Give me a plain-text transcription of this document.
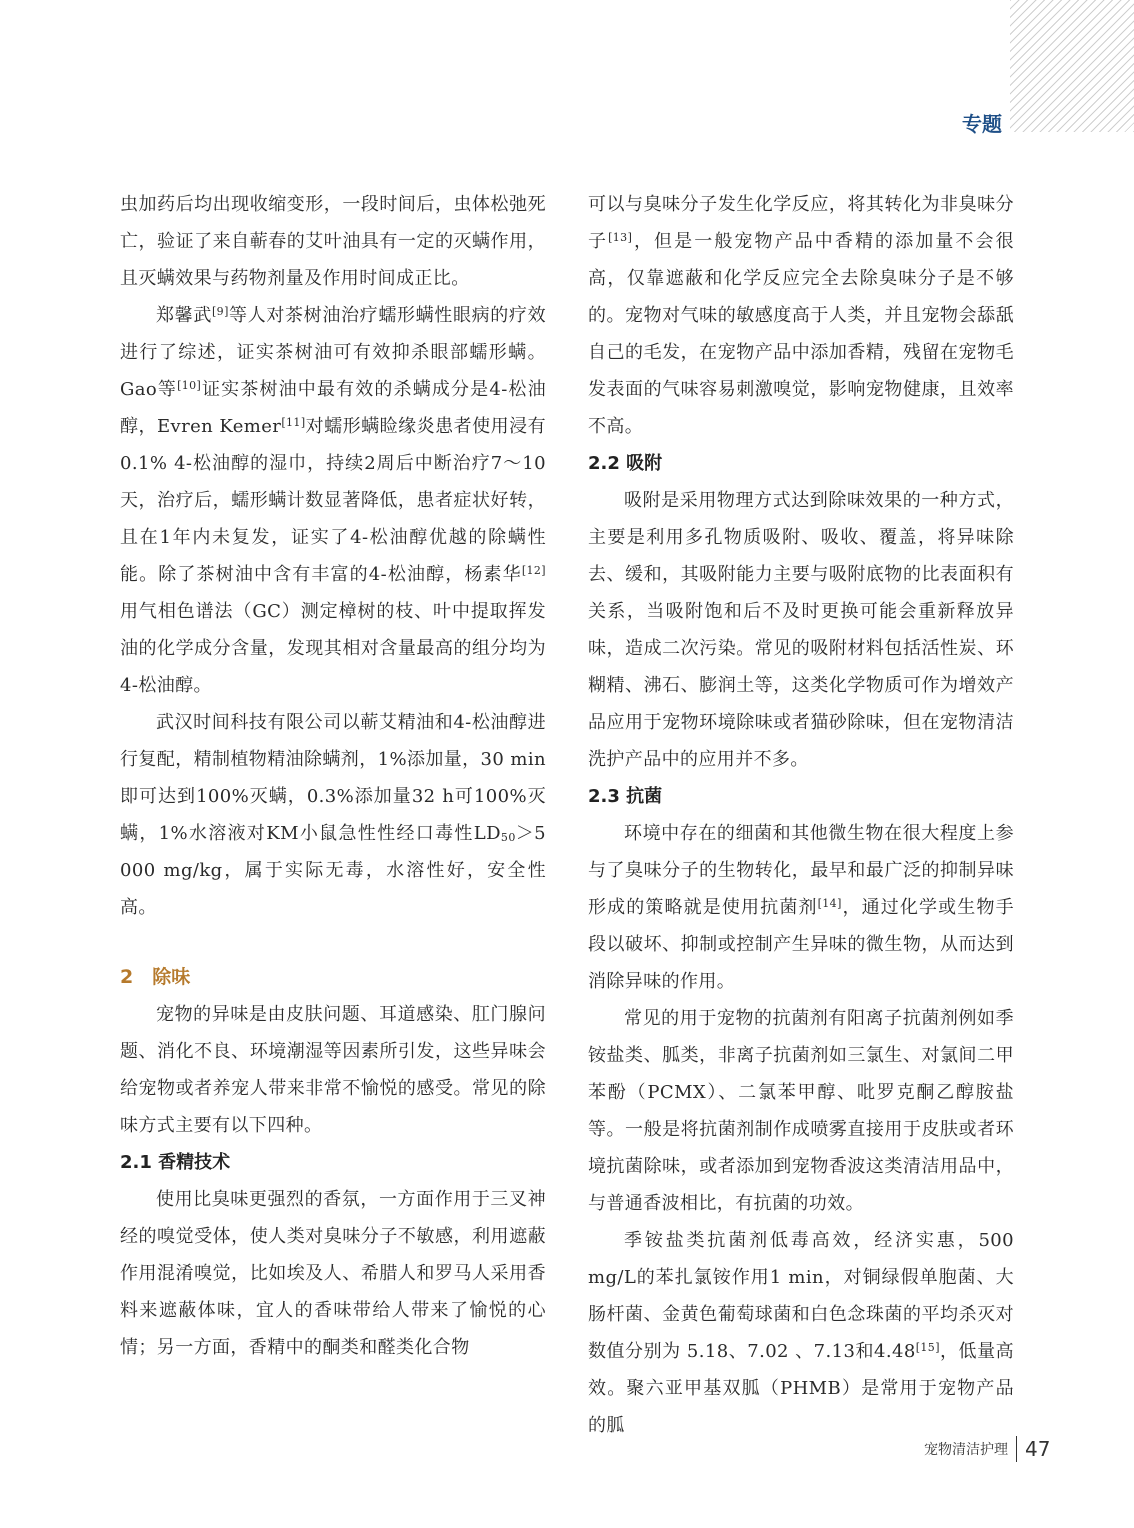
专题

虫加药后均出现收缩变形，一段时间后，虫体松弛死亡，验证了来自蕲春的艾叶油具有一定的灭螨作用，且灭螨效果与药物剂量及作用时间成正比。

郑馨武[9]等人对茶树油治疗蠕形螨性眼病的疗效进行了综述，证实茶树油可有效抑杀眼部蠕形螨。Gao等[10]证实茶树油中最有效的杀螨成分是4-松油醇，Evren Kemer[11]对蠕形螨睑缘炎患者使用浸有0.1% 4-松油醇的湿巾，持续2周后中断治疗7～10天，治疗后，蠕形螨计数显著降低，患者症状好转，且在1年内未复发，证实了4-松油醇优越的除螨性能。除了茶树油中含有丰富的4-松油醇，杨素华[12]用气相色谱法（GC）测定樟树的枝、叶中提取挥发油的化学成分含量，发现其相对含量最高的组分均为4-松油醇。

武汉时间科技有限公司以蕲艾精油和4-松油醇进行复配，精制植物精油除螨剂，1%添加量，30 min即可达到100%灭螨，0.3%添加量32 h可100%灭螨，1%水溶液对KM小鼠急性性经口毒性$LD_{50}>5$ 000 mg/kg，属于实际无毒，水溶性好，安全性高。

2　除味

宠物的异味是由皮肤问题、耳道感染、肛门腺问题、消化不良、环境潮湿等因素所引发，这些异味会给宠物或者养宠人带来非常不愉悦的感受。常见的除味方式主要有以下四种。

2.1 香精技术

使用比臭味更强烈的香氛，一方面作用于三叉神经的嗅觉受体，使人类对臭味分子不敏感，利用遮蔽作用混淆嗅觉，比如埃及人、希腊人和罗马人采用香料来遮蔽体味，宜人的香味带给人带来了愉悦的心情；另一方面，香精中的酮类和醛类化合物

可以与臭味分子发生化学反应，将其转化为非臭味分子[13]，但是一般宠物产品中香精的添加量不会很高，仅靠遮蔽和化学反应完全去除臭味分子是不够的。宠物对气味的敏感度高于人类，并且宠物会舔舐自己的毛发，在宠物产品中添加香精，残留在宠物毛发表面的气味容易刺激嗅觉，影响宠物健康，且效率不高。

2.2 吸附

吸附是采用物理方式达到除味效果的一种方式，主要是利用多孔物质吸附、吸收、覆盖，将异味除去、缓和，其吸附能力主要与吸附底物的比表面积有关系，当吸附饱和后不及时更换可能会重新释放异味，造成二次污染。常见的吸附材料包括活性炭、环糊精、沸石、膨润土等，这类化学物质可作为增效产品应用于宠物环境除味或者猫砂除味，但在宠物清洁洗护产品中的应用并不多。

2.3 抗菌

环境中存在的细菌和其他微生物在很大程度上参与了臭味分子的生物转化，最早和最广泛的抑制异味形成的策略就是使用抗菌剂[14]，通过化学或生物手段以破坏、抑制或控制产生异味的微生物，从而达到消除异味的作用。

常见的用于宠物的抗菌剂有阳离子抗菌剂例如季铵盐类、胍类，非离子抗菌剂如三氯生、对氯间二甲苯酚（PCMX）、二氯苯甲醇、吡罗克酮乙醇胺盐等。一般是将抗菌剂制作成喷雾直接用于皮肤或者环境抗菌除味，或者添加到宠物香波这类清洁用品中，与普通香波相比，有抗菌的功效。

季铵盐类抗菌剂低毒高效，经济实惠，500 mg/L的苯扎氯铵作用1 min，对铜绿假单胞菌、大肠杆菌、金黄色葡萄球菌和白色念珠菌的平均杀灭对数值分别为 5.18、7.02 、7.13和4.48[15]，低量高效。聚六亚甲基双胍（PHMB）是常用于宠物产品的胍

宠物清洁护理 47
